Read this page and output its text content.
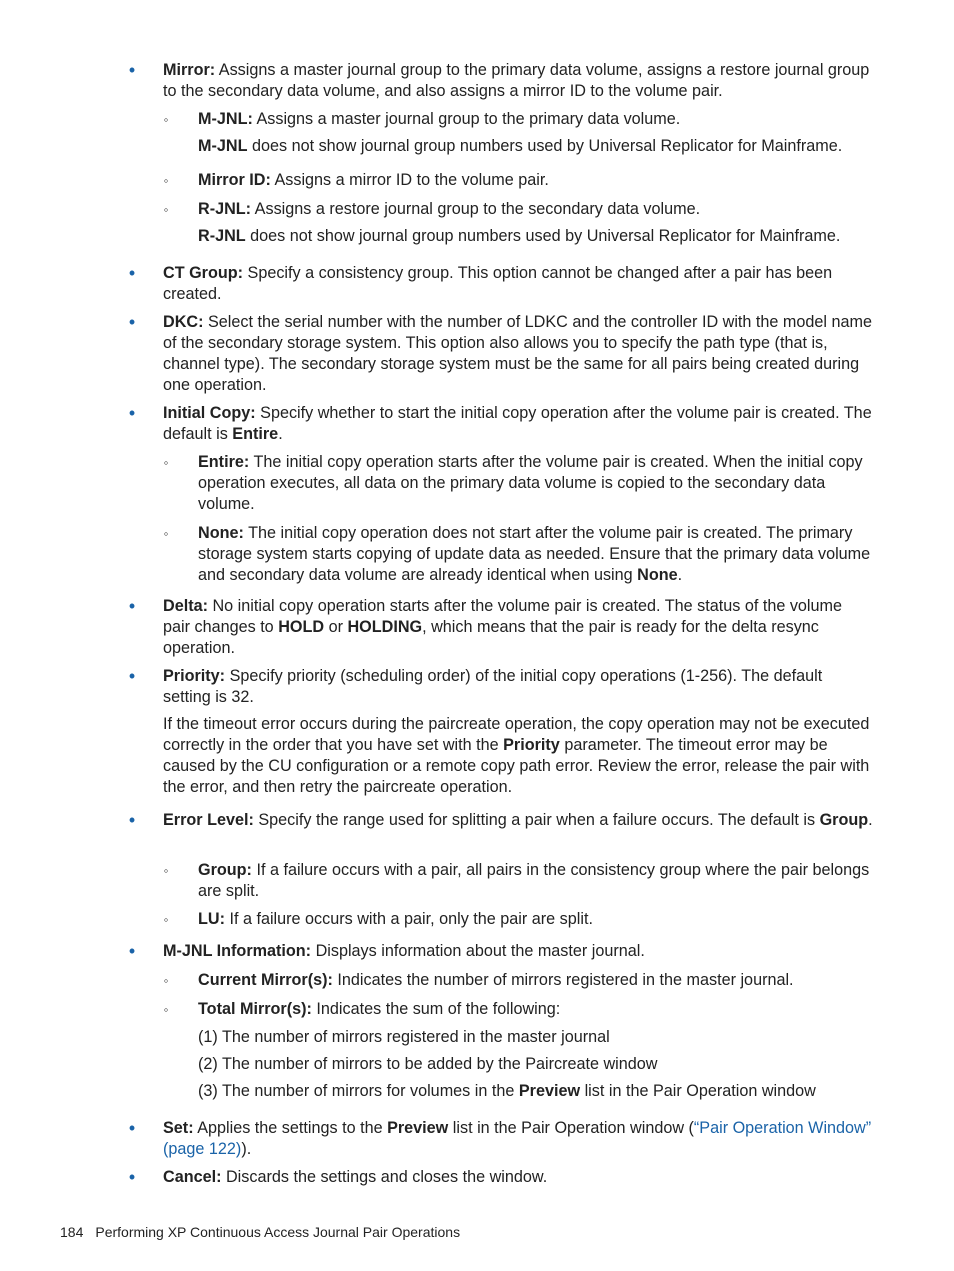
• Mirror: Assigns a master journal group to the primary data volume, assigns a restore journal group to the secondary data volume, and also assigns a mirror ID to the volume pair.
◦ M-JNL: Assigns a master journal group to the primary data volume.
M-JNL does not show journal group numbers used by Universal Replicator for Mainframe.
◦ Mirror ID: Assigns a mirror ID to the volume pair.
◦ R-JNL: Assigns a restore journal group to the secondary data volume.
R-JNL does not show journal group numbers used by Universal Replicator for Mainframe.
• CT Group: Specify a consistency group. This option cannot be changed after a pair has been created.
• DKC: Select the serial number with the number of LDKC and the controller ID with the model name of the secondary storage system. This option also allows you to specify the path type (that is, channel type). The secondary storage system must be the same for all pairs being created during one operation.
• Initial Copy: Specify whether to start the initial copy operation after the volume pair is created. The default is Entire.
◦ Entire: The initial copy operation starts after the volume pair is created. When the initial copy operation executes, all data on the primary data volume is copied to the secondary data volume.
◦ None: The initial copy operation does not start after the volume pair is created. The primary storage system starts copying of update data as needed. Ensure that the primary data volume and secondary data volume are already identical when using None.
• Delta: No initial copy operation starts after the volume pair is created. The status of the volume pair changes to HOLD or HOLDING, which means that the pair is ready for the delta resync operation.
• Priority: Specify priority (scheduling order) of the initial copy operations (1-256). The default setting is 32.
If the timeout error occurs during the paircreate operation, the copy operation may not be executed correctly in the order that you have set with the Priority parameter. The timeout error may be caused by the CU configuration or a remote copy path error. Review the error, release the pair with the error, and then retry the paircreate operation.
• Error Level: Specify the range used for splitting a pair when a failure occurs. The default is Group.
◦ Group: If a failure occurs with a pair, all pairs in the consistency group where the pair belongs are split.
◦ LU: If a failure occurs with a pair, only the pair are split.
• M-JNL Information: Displays information about the master journal.
◦ Current Mirror(s): Indicates the number of mirrors registered in the master journal.
◦ Total Mirror(s): Indicates the sum of the following:
(1) The number of mirrors registered in the master journal
(2) The number of mirrors to be added by the Paircreate window
(3) The number of mirrors for volumes in the Preview list in the Pair Operation window
• Set: Applies the settings to the Preview list in the Pair Operation window (“Pair Operation Window” (page 122)).
• Cancel: Discards the settings and closes the window.
184 Performing XP Continuous Access Journal Pair Operations
